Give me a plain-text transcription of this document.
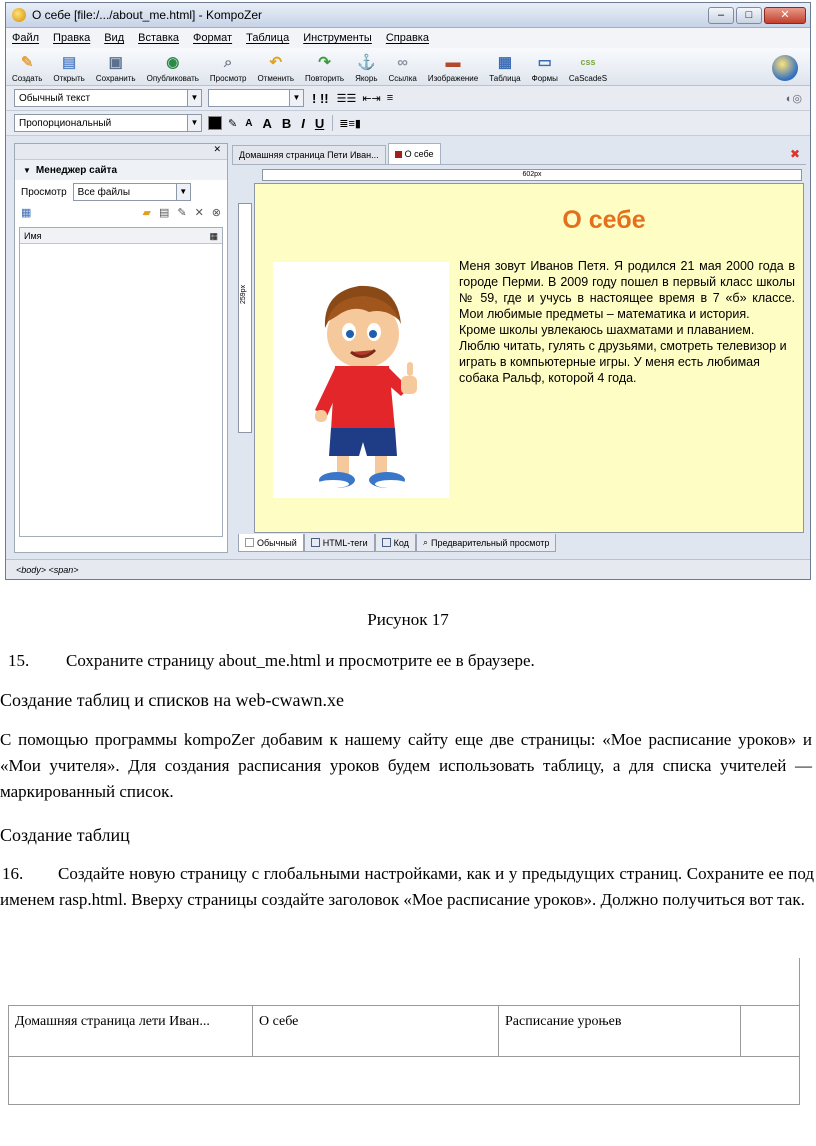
О себе [file:/.../about_me.html] - KompoZer	–	□	✕
Файл Правка Вид Вставка Формат Таблица Инструменты Справка
✎
Создать
▤
Открыть
▣
Сохранить
◉
Опубликовать
⌕
Просмотр
↶
Отменить
↷
Повторить
⚓
Якорь
∞
Ссылка
▬
Изображение
▦
Таблица
▭
Формы
css
CaScadeS
Обычный текст	▼	▼ ! !! ☰☰ ⇤⇥ ≡	◐◎
Пропорциональный	▼	✎ A A B I U ≣≡▮
✕
▼ Менеджер сайта
Просмотр Все файлы	▼
▦	▰ ▤ ✎ ✕ ⊗
Имя	▦
Домашняя страница Пети Иван...	О себе	✖
602px
259px
О себе

Меня зовут Иванов Петя. Я родился 21 мая 2000 года в городе Перми. В 2009 году пошел в первый класс школы № 59, где и учусь в настоящее время в 7 «б» классе. Мои любимые предметы – математика и история.

Кроме школы увлекаюсь шахматами и плаванием. Люблю читать, гулять с друзьями, смотреть телевизор и играть в компьютерные игры. У меня есть любимая собака Ральф, которой 4 года.

Обычный	HTML-теги	Код ⌕ Предварительный просмотр
<body> <span>
Рисунок 17
15.	Сохраните страницу about_me.html и просмотрите ее в браузере.
Создание таблиц и списков на web-cwawn.xe
С помощью программы kompoZer добавим к нашему сайту еще две страницы: «Мое расписание уроков» и «Мои учителя». Для создания расписания уроков будем использовать таблицу, а для списка учителей — маркированный список.
Создание таблиц
16. Создайте новую страницу с глобальными настройками, как и у предыдущих страниц. Сохраните ее под именем rasp.html. Вверху страницы создайте заголовок «Мое расписание уроков». Должно получиться вот так.
Домашняя страница лети Иван...	О себе	Расписание уроњев	
